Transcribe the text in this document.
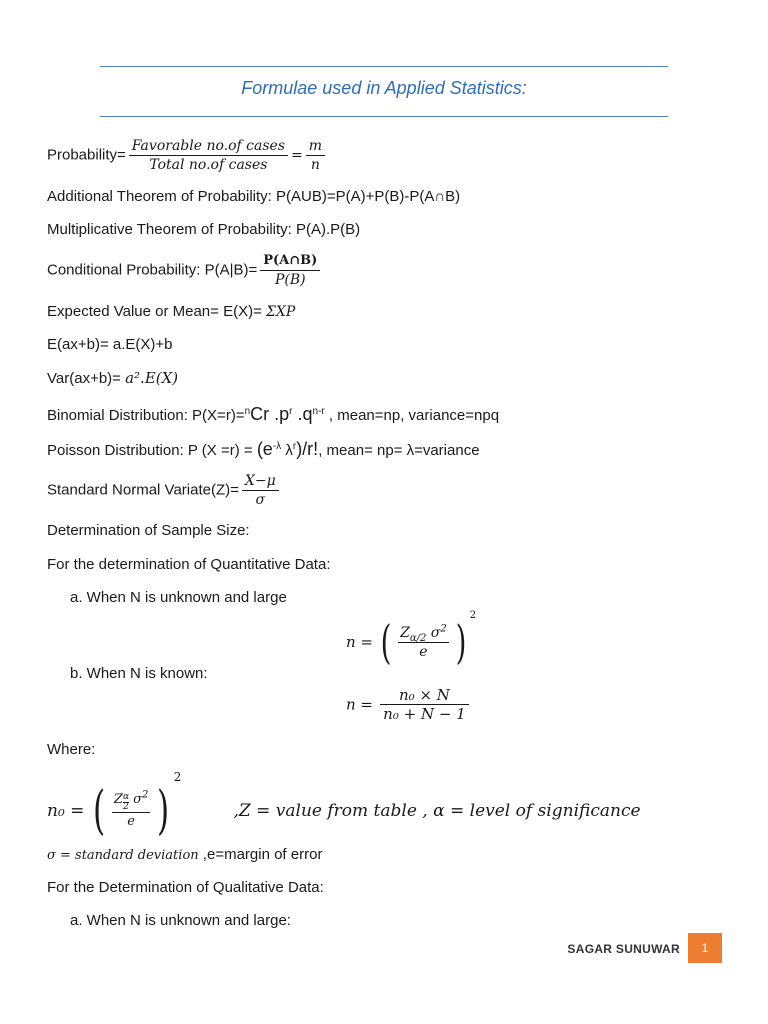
Formulae used in Applied Statistics:
Probability= $\frac{\text{Favorable no.of cases}}{\text{Total no.of cases}} = \frac{m}{n}$
Additional Theorem of Probability: P(AUB)=P(A)+P(B)-P(A∩B)
Multiplicative Theorem of Probability: P(A).P(B)
Conditional Probability: $P(A|B)= \frac{P(A\cap B)}{P(B)}$
Expected Value or Mean= E(X)= ΣXP
E(ax+b)= a.E(X)+b
Var(ax+b)= a².E(X)
Binomial Distribution: P(X=r)=$^n$Cr $.p^r$ $.q^{n-r}$ , mean=np, variance=npq
Poisson Distribution: P $(X =r) = (e^{-\lambda}$ $\lambda^r)/r$!, mean= np= λ=variance
Standard Normal Variate(Z)= $\frac{X-\mu}{\sigma}$
Determination of Sample Size:
For the determination of Quantitative Data:
a. When N is unknown and large
n = ( $\frac{Z_{\alpha/2} \sigma^2}{e}$ ) $^2$
b. When N is known:
$n = \frac{\text{n₀ × N}}{\text{n₀ + N − 1}}$
Where:
n₀ = ( $\frac{Z \frac{\alpha}{2} \sigma^2}{e} )^2$ ,Z = value from table , α = level of significance
σ = standard deviation ,e=margin of error
For the Determination of Qualitative Data:
a. When N is unknown and large:
SAGAR SUNUWAR	1
